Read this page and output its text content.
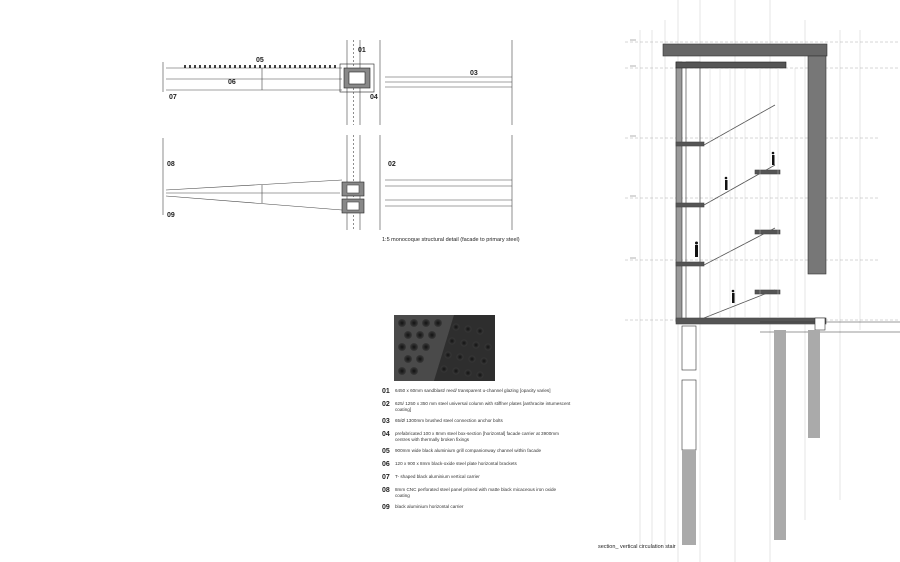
01
03
04
05
06
07
02
08
09
1:5 monocoque structural detail (facade to primary steel)
01	6450 x 60mm sandblast/ reed/ transparent u-channel glazing [opacity varies]
02	625/ 1250 x 350 mm steel universal column with stiffner plates [anthracite intumescent coating]
03	65/Ø 1300mm brushed steel connection anchor bolts
04	prefabricated 100 x 8mm steel box-section [horizontal] facade carrier at 3900mm centres with thermally broken fixings
05	900mm wide black aluminium grill companionway channel within facade
06	120 x 900 x 8mm black-oxide steel plate horizontal brackets
07	T- shaped black aluminium vertical carrier
08	8mm CNC perforated steel panel primed with matte black micaceous iron oxide coating
09	black aluminium horizontal carrier
section_ vertical circulation stair
